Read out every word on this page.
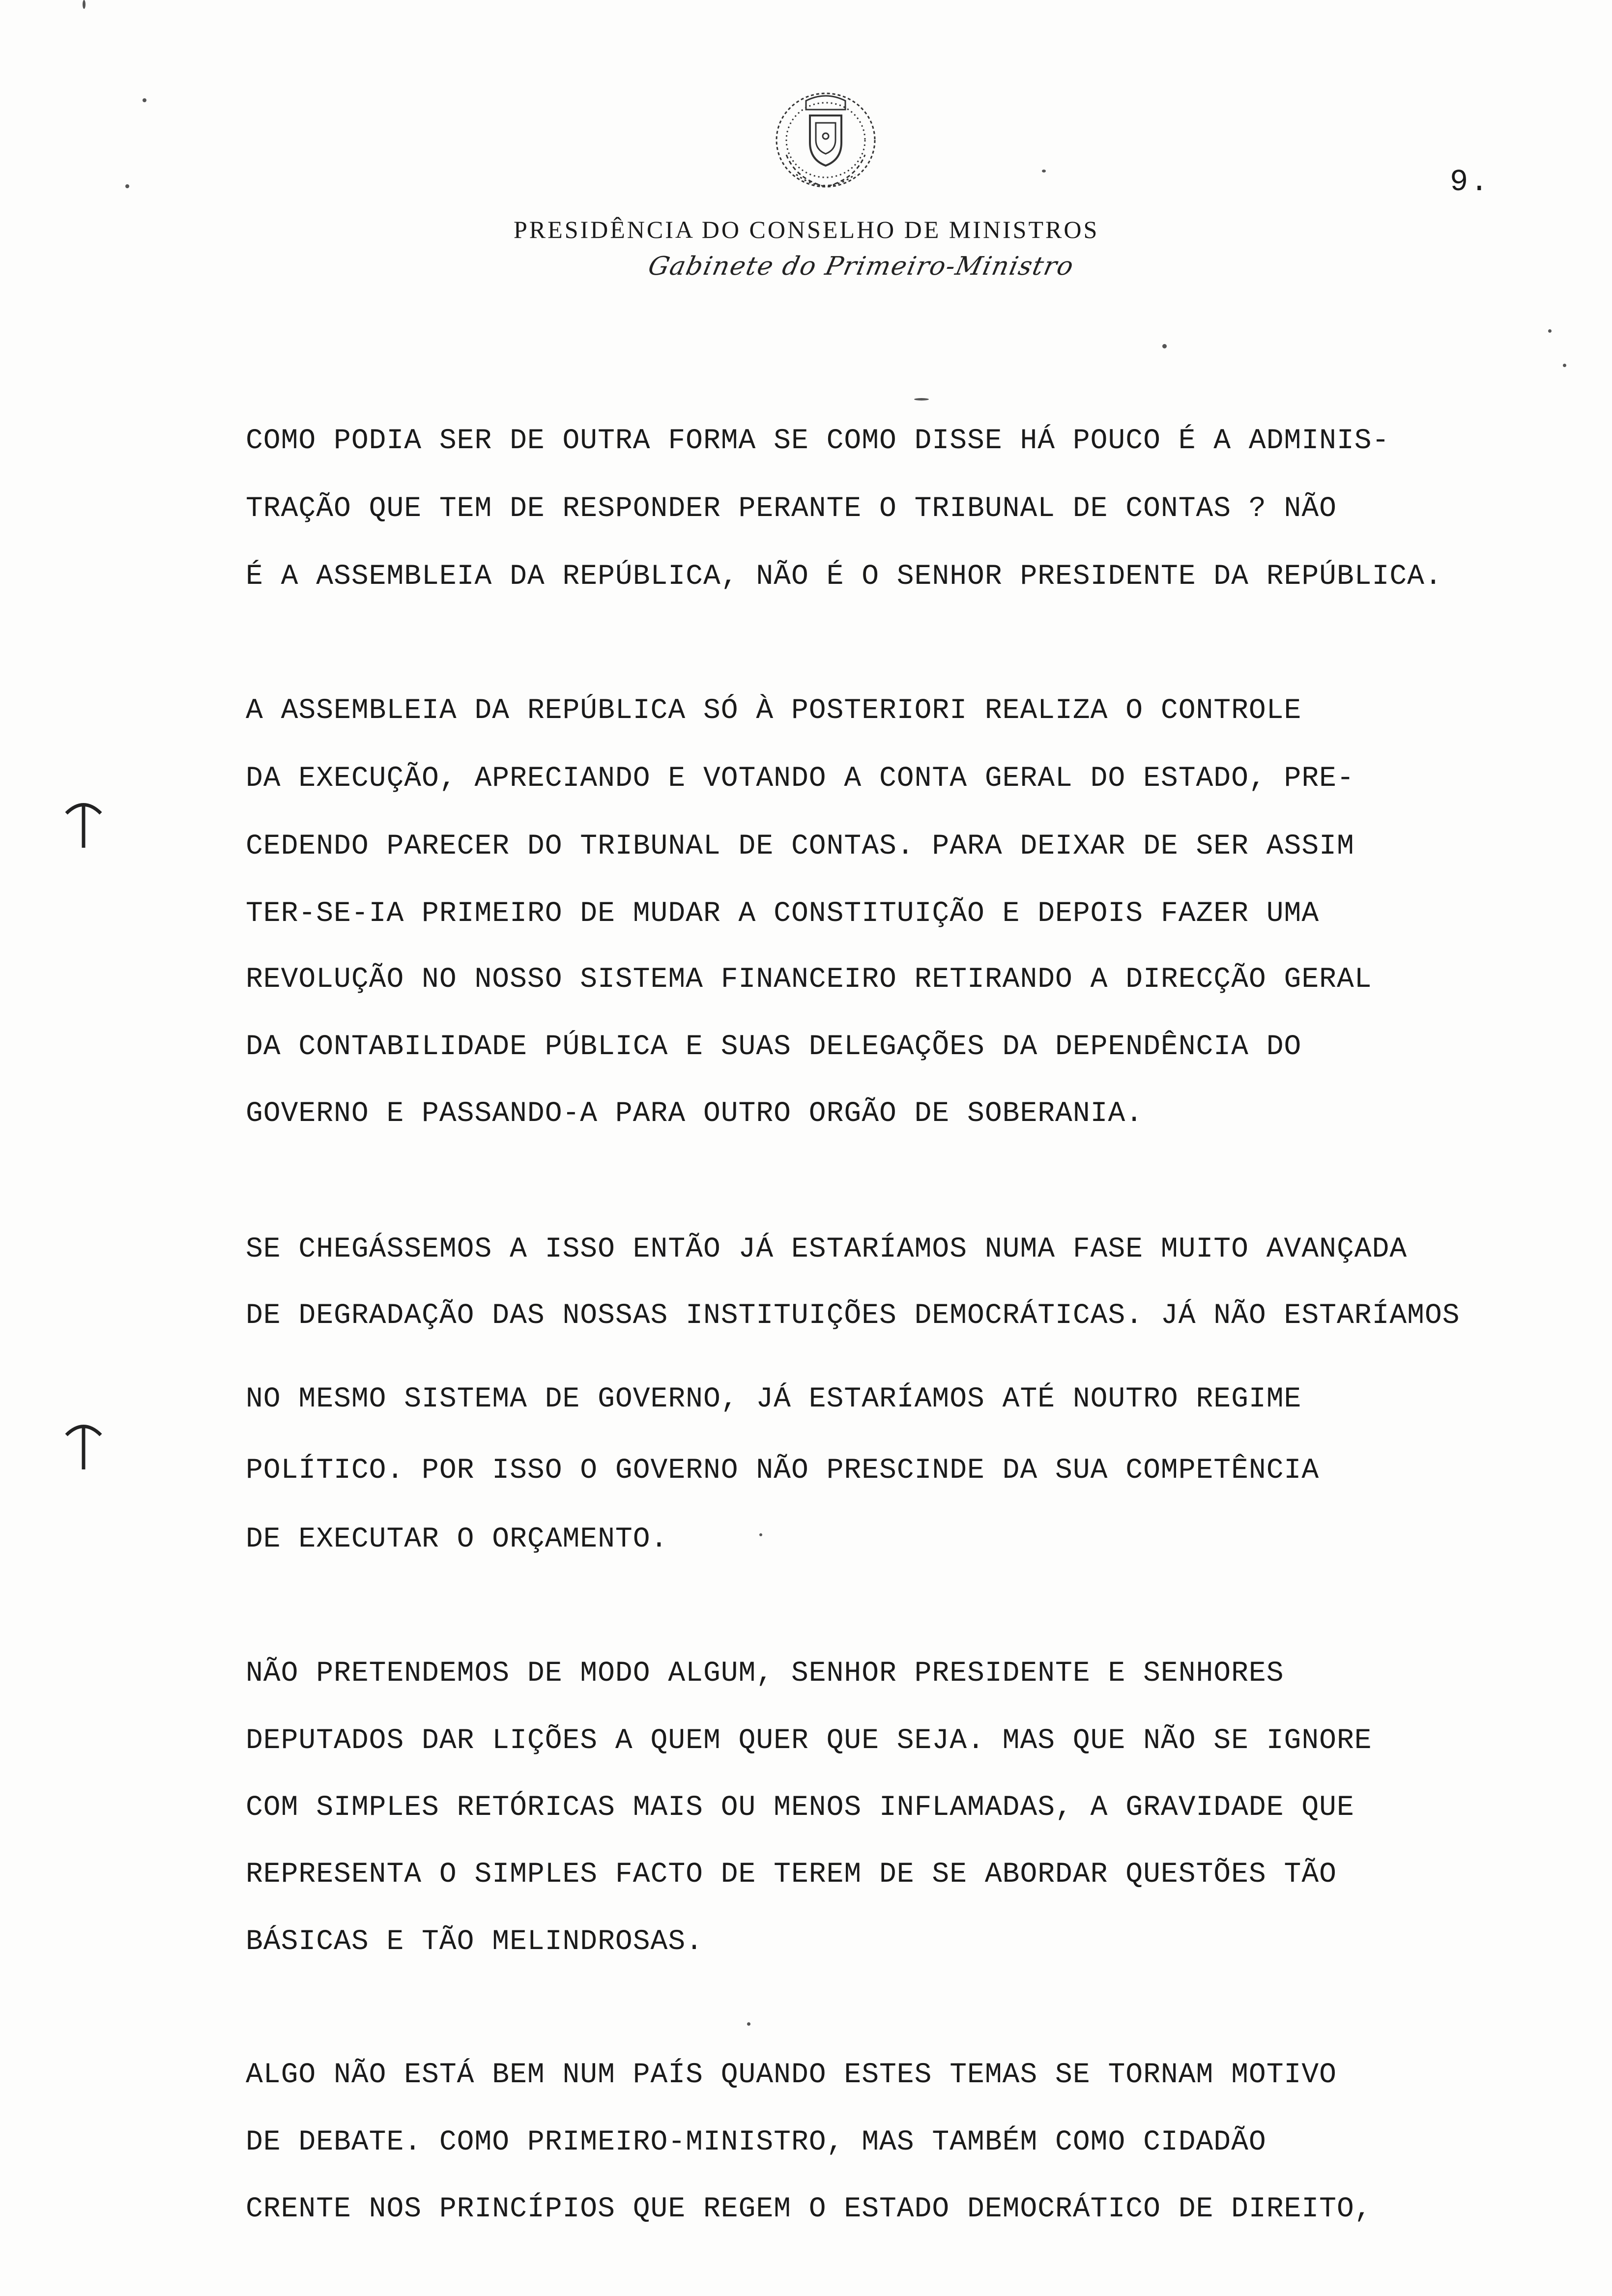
9.
PRESIDÊNCIA DO CONSELHO DE MINISTROS
Gabinete do Primeiro-Ministro
COMO PODIA SER DE OUTRA FORMA SE COMO DISSE HÁ POUCO É A ADMINIS-
TRAÇÃO QUE TEM DE RESPONDER PERANTE O TRIBUNAL DE CONTAS ? NÃO
É A ASSEMBLEIA DA REPÚBLICA, NÃO É O SENHOR PRESIDENTE DA REPÚBLICA.
A ASSEMBLEIA DA REPÚBLICA SÓ À POSTERIORI REALIZA O CONTROLE
DA EXECUÇÃO, APRECIANDO E VOTANDO A CONTA GERAL DO ESTADO, PRE-
CEDENDO PARECER DO TRIBUNAL DE CONTAS. PARA DEIXAR DE SER ASSIM
TER-SE-IA PRIMEIRO DE MUDAR A CONSTITUIÇÃO E DEPOIS FAZER UMA
REVOLUÇÃO NO NOSSO SISTEMA FINANCEIRO RETIRANDO A DIRECÇÃO GERAL
DA CONTABILIDADE PÚBLICA E SUAS DELEGAÇÕES DA DEPENDÊNCIA DO
GOVERNO E PASSANDO-A PARA OUTRO ORGÃO DE SOBERANIA.
SE CHEGÁSSEMOS A ISSO ENTÃO JÁ ESTARÍAMOS NUMA FASE MUITO AVANÇADA
DE DEGRADAÇÃO DAS NOSSAS INSTITUIÇÕES DEMOCRÁTICAS. JÁ NÃO ESTARÍAMOS
NO MESMO SISTEMA DE GOVERNO, JÁ ESTARÍAMOS ATÉ NOUTRO REGIME
POLÍTICO. POR ISSO O GOVERNO NÃO PRESCINDE DA SUA COMPETÊNCIA
DE EXECUTAR O ORÇAMENTO.
NÃO PRETENDEMOS DE MODO ALGUM, SENHOR PRESIDENTE E SENHORES
DEPUTADOS DAR LIÇÕES A QUEM QUER QUE SEJA. MAS QUE NÃO SE IGNORE
COM SIMPLES RETÓRICAS MAIS OU MENOS INFLAMADAS, A GRAVIDADE QUE
REPRESENTA O SIMPLES FACTO DE TEREM DE SE ABORDAR QUESTÕES TÃO
BÁSICAS E TÃO MELINDROSAS.
ALGO NÃO ESTÁ BEM NUM PAÍS QUANDO ESTES TEMAS SE TORNAM MOTIVO
DE DEBATE. COMO PRIMEIRO-MINISTRO, MAS TAMBÉM COMO CIDADÃO
CRENTE NOS PRINCÍPIOS QUE REGEM O ESTADO DEMOCRÁTICO DE DIREITO,
